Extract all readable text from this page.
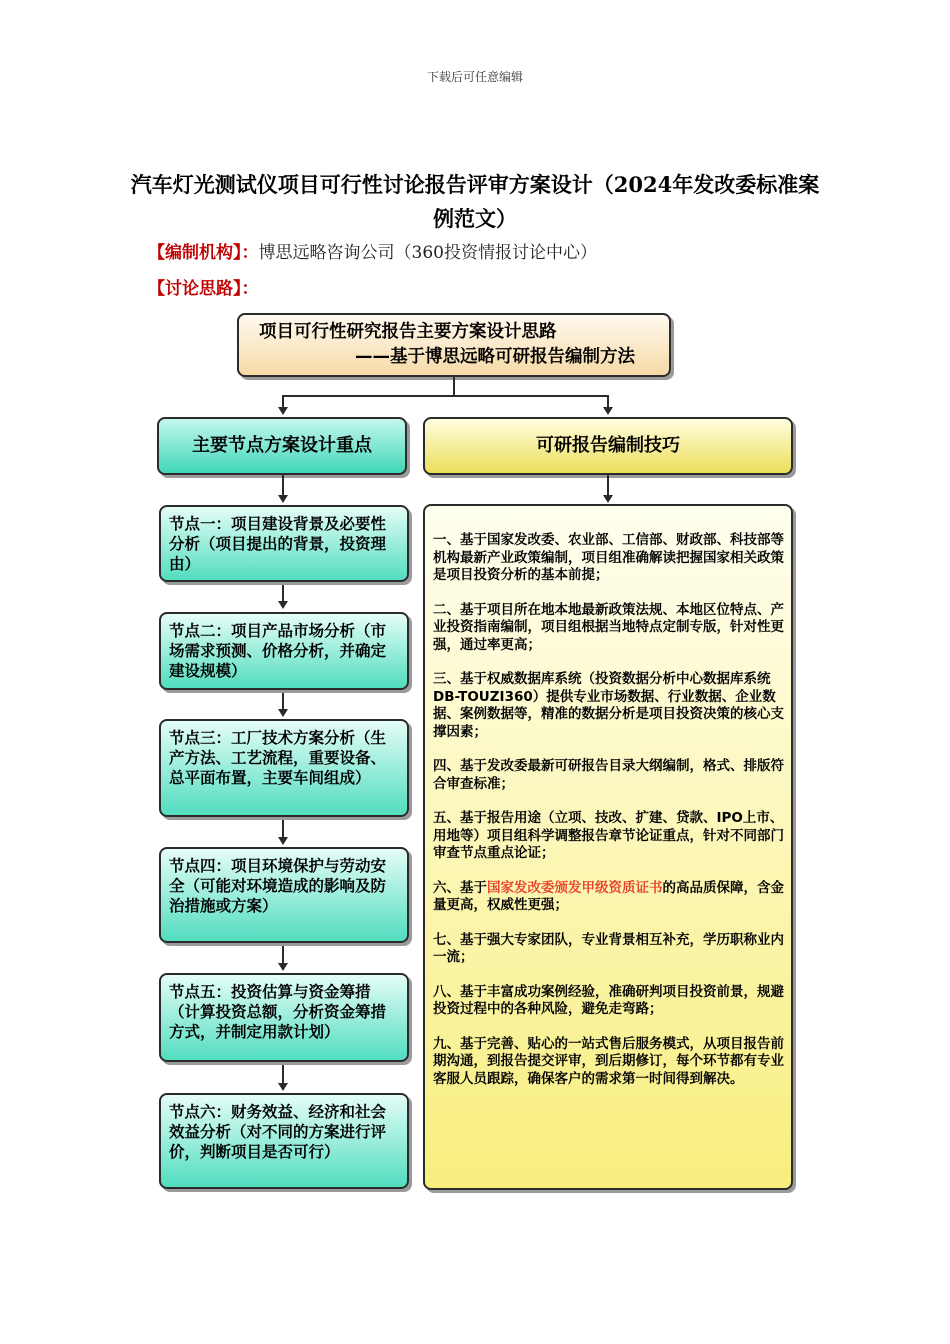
下载后可任意编辑
汽车灯光测试仪项目可行性讨论报告评审方案设计（2024年发改委标准案例范文）
【编制机构】：博思远略咨询公司（360投资情报讨论中心）
【讨论思路】：
项目可行性研究报告主要方案设计思路
——基于博思远略可研报告编制方法
主要节点方案设计重点	可研报告编制技巧
节点一：项目建设背景及必要性分析（项目提出的背景，投资理由）
节点二：项目产品市场分析（市场需求预测、价格分析，并确定建设规模）
节点三：工厂技术方案分析（生产方法、工艺流程，重要设备、总平面布置，主要车间组成）
节点四：项目环境保护与劳动安全（可能对环境造成的影响及防治措施或方案）
节点五：投资估算与资金筹措（计算投资总额，分析资金筹措方式，并制定用款计划）
节点六：财务效益、经济和社会效益分析（对不同的方案进行评价，判断项目是否可行）
一、基于国家发改委、农业部、工信部、财政部、科技部等机构最新产业政策编制，项目组准确解读把握国家相关政策是项目投资分析的基本前提；
二、基于项目所在地本地最新政策法规、本地区位特点、产业投资指南编制，项目组根据当地特点定制专版，针对性更强，通过率更高；
三、基于权威数据库系统（投资数据分析中心数据库系统DB-TOUZI360）提供专业市场数据、行业数据、企业数据、案例数据等，精准的数据分析是项目投资决策的核心支撑因素；
四、基于发改委最新可研报告目录大纲编制，格式、排版符合审查标准；
五、基于报告用途（立项、技改、扩建、贷款、IPO上市、用地等）项目组科学调整报告章节论证重点，针对不同部门审查节点重点论证；
六、基于国家发改委颁发甲级资质证书的高品质保障，含金量更高，权威性更强；
七、基于强大专家团队，专业背景相互补充，学历职称业内一流；
八、基于丰富成功案例经验，准确研判项目投资前景，规避投资过程中的各种风险，避免走弯路；
九、基于完善、贴心的一站式售后服务模式，从项目报告前期沟通，到报告提交评审，到后期修订，每个环节都有专业客服人员跟踪，确保客户的需求第一时间得到解决。
